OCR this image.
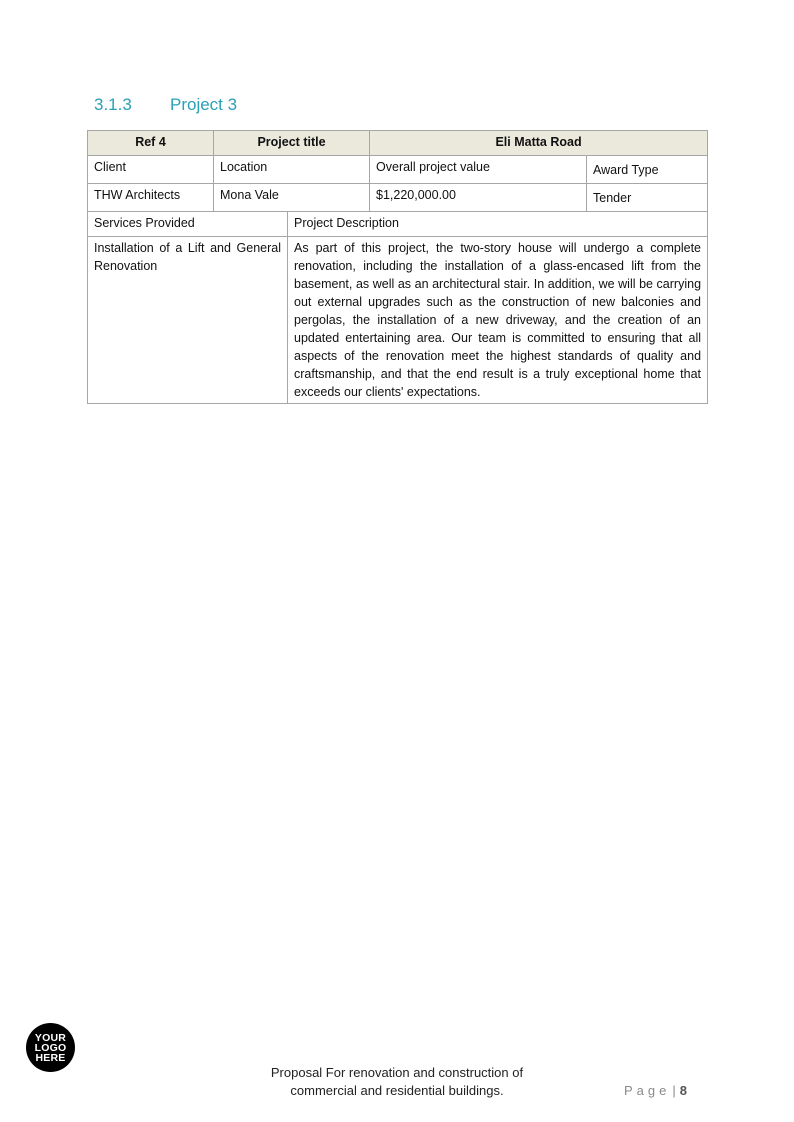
3.1.3	Project 3
Ref 4	Project title		Eli Matta Road	
Client	Location		Overall project value	Award Type
THW Architects	Mona Vale		$1,220,000.00	Tender
Services Provided		Project Description		
Installation of a Lift and General Renovation		As part of this project, the two-story house will undergo a complete renovation, including the installation of a glass-encased lift from the basement, as well as an architectural stair. In addition, we will be carrying out external upgrades such as the construction of new balconies and pergolas, the installation of a new driveway, and the creation of an updated entertaining area. Our team is committed to ensuring that all aspects of the renovation meet the highest standards of quality and craftsmanship, and that the end result is a truly exceptional home that exceeds our clients' expectations.		
YOUR LOGO HERE
Proposal For renovation and construction of
commercial and residential buildings.	Page | 8
